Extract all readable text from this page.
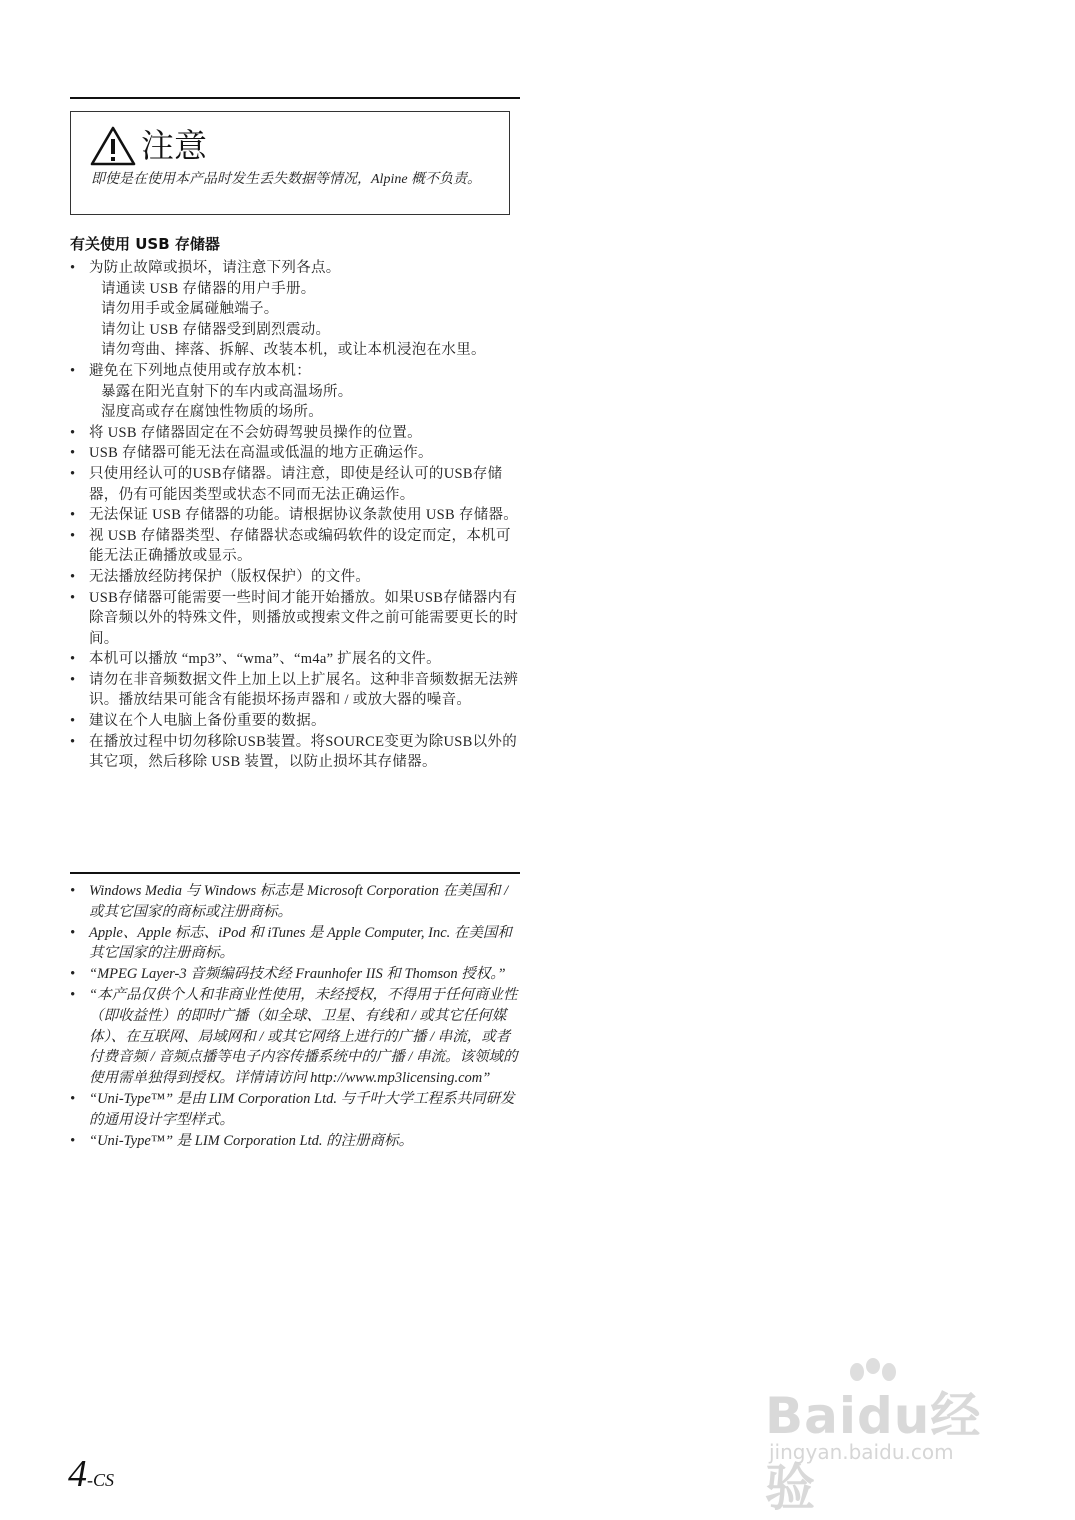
注意
即使是在使用本产品时发生丢失数据等情况，Alpine 概不负责。
有关使用 USB 存储器
• 为防止故障或损坏，请注意下列各点。
请通读 USB 存储器的用户手册。
请勿用手或金属碰触端子。
请勿让 USB 存储器受到剧烈震动。
请勿弯曲、摔落、拆解、改装本机，或让本机浸泡在水里。
• 避免在下列地点使用或存放本机：
暴露在阳光直射下的车内或高温场所。
湿度高或存在腐蚀性物质的场所。
• 将 USB 存储器固定在不会妨碍驾驶员操作的位置。
• USB 存储器可能无法在高温或低温的地方正确运作。
• 只使用经认可的USB存储器。请注意，即使是经认可的USB存储器，仍有可能因类型或状态不同而无法正确运作。
• 无法保证 USB 存储器的功能。请根据协议条款使用 USB 存储器。
• 视 USB 存储器类型、存储器状态或编码软件的设定而定，本机可能无法正确播放或显示。
• 无法播放经防拷保护（版权保护）的文件。
• USB存储器可能需要一些时间才能开始播放。如果USB存储器内有除音频以外的特殊文件，则播放或搜索文件之前可能需要更长的时间。
• 本机可以播放 “mp3”、“wma”、“m4a” 扩展名的文件。
• 请勿在非音频数据文件上加上以上扩展名。这种非音频数据无法辨识。播放结果可能含有能损坏扬声器和 / 或放大器的噪音。
• 建议在个人电脑上备份重要的数据。
• 在播放过程中切勿移除USB装置。将SOURCE变更为除USB以外的其它项，然后移除 USB 装置，以防止损坏其存储器。
• Windows Media 与 Windows 标志是 Microsoft Corporation 在美国和 / 或其它国家的商标或注册商标。
• Apple、Apple 标志、iPod 和 iTunes 是 Apple Computer, Inc. 在美国和其它国家的注册商标。
• “MPEG Layer-3 音频编码技术经 Fraunhofer IIS 和 Thomson 授权。”
• “本产品仅供个人和非商业性使用，未经授权，不得用于任何商业性（即收益性）的即时广播（如全球、卫星、有线和 / 或其它任何媒体）、在互联网、局域网和 / 或其它网络上进行的广播 / 串流，或者付费音频 / 音频点播等电子内容传播系统中的广播 / 串流。该领域的使用需单独得到授权。详情请访问 http://www.mp3licensing.com”
• “Uni-Type™” 是由 LIM Corporation Ltd. 与千叶大学工程系共同研发的通用设计字型样式。
• “Uni-Type™” 是 LIM Corporation Ltd. 的注册商标。
4-CS
Baidu经验
jingyan.baidu.com
